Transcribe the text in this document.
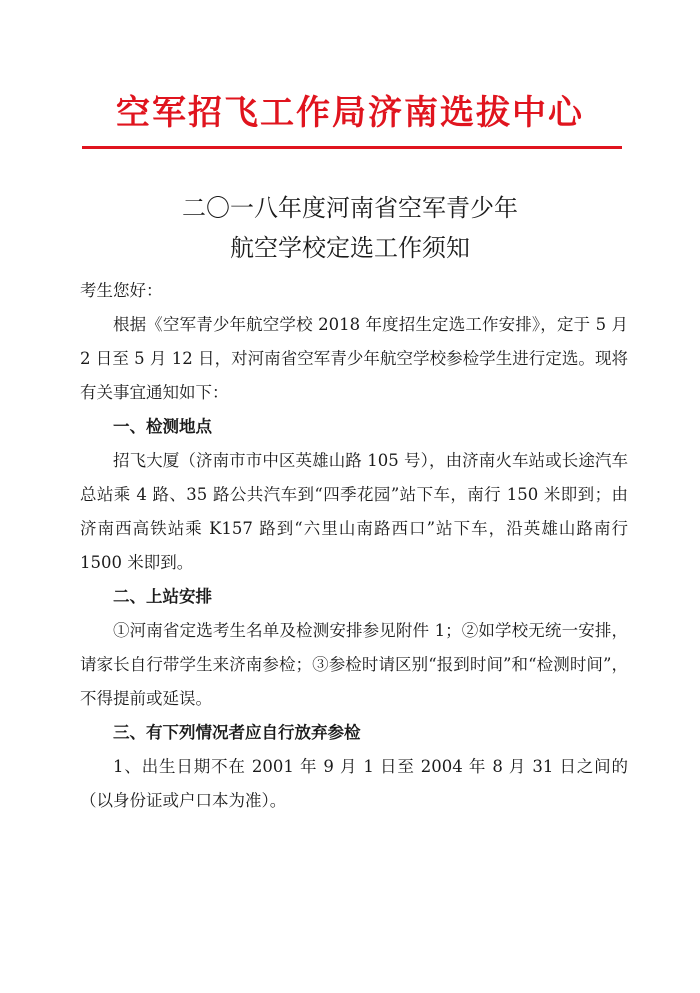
空军招飞工作局济南选拔中心
二〇一八年度河南省空军青少年
航空学校定选工作须知

考生您好：

根据《空军青少年航空学校 2018 年度招生定选工作安排》，定于 5 月 2 日至 5 月 12 日，对河南省空军青少年航空学校参检学生进行定选。现将有关事宜通知如下：

一、检测地点

招飞大厦（济南市市中区英雄山路 105 号），由济南火车站或长途汽车总站乘 4 路、35 路公共汽车到“四季花园”站下车，南行 150 米即到；由济南西高铁站乘 K157 路到“六里山南路西口”站下车，沿英雄山路南行 1500 米即到。

二、上站安排

①河南省定选考生名单及检测安排参见附件 1；②如学校无统一安排，请家长自行带学生来济南参检；③参检时请区别“报到时间”和“检测时间”，不得提前或延误。

三、有下列情况者应自行放弃参检

1、出生日期不在 2001 年 9 月 1 日至 2004 年 8 月 31 日之间的（以身份证或户口本为准）。
